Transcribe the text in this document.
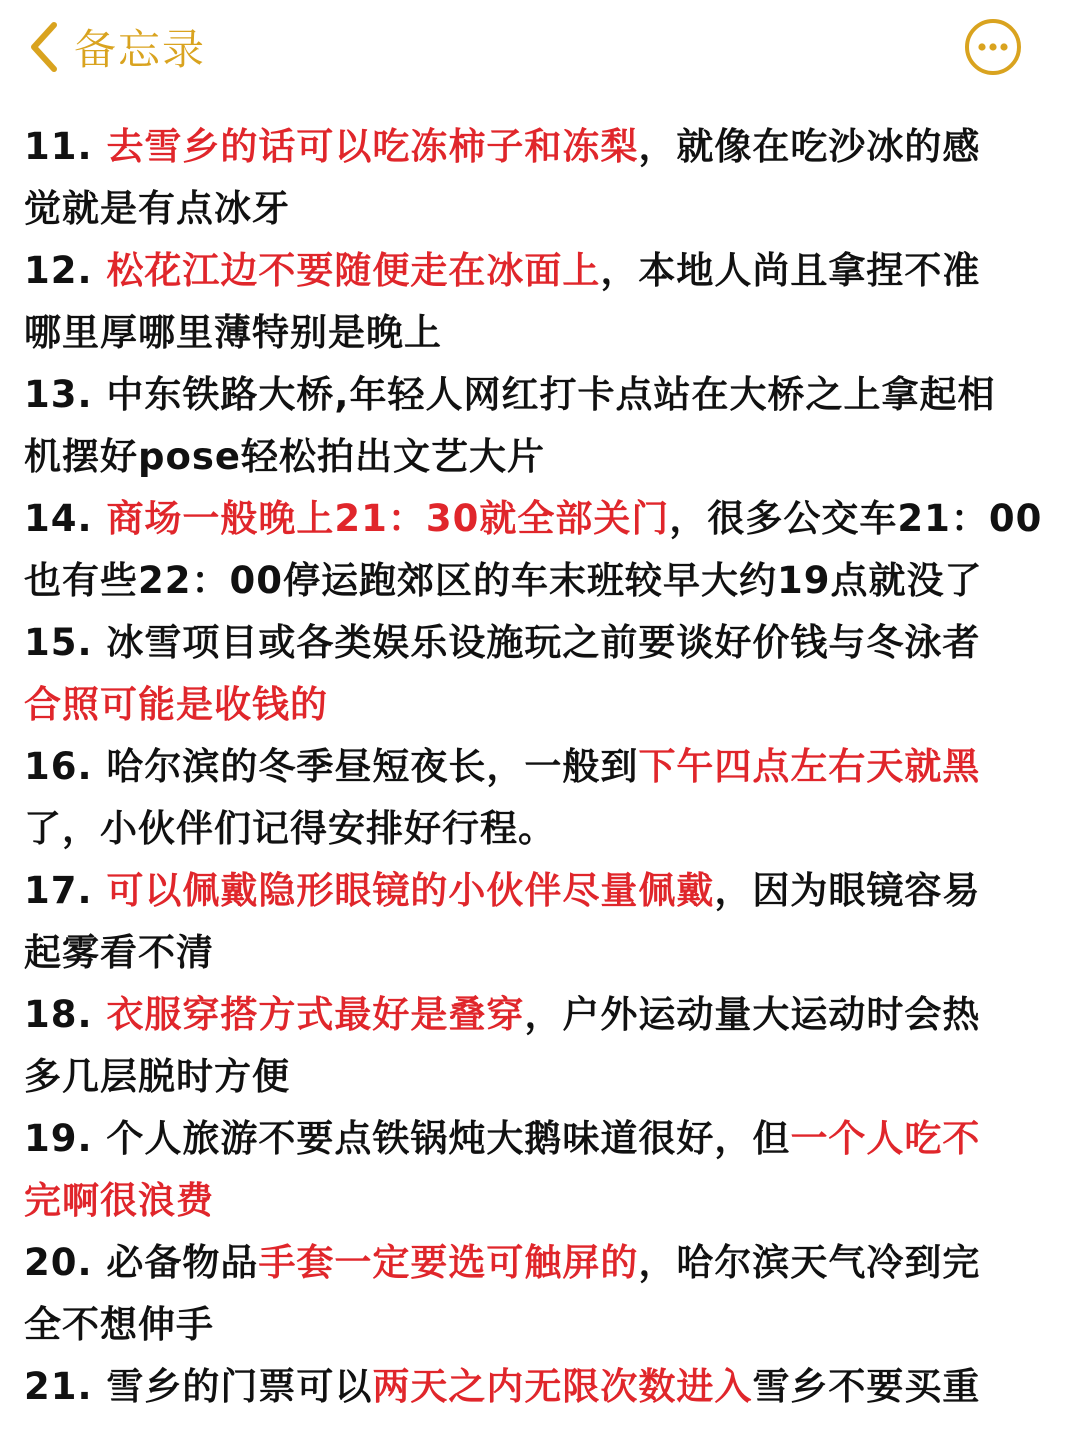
备忘录
11. 去雪乡的话可以吃冻柿子和冻梨，就像在吃沙冰的感
觉就是有点冰牙
12. 松花江边不要随便走在冰面上，本地人尚且拿捏不准
哪里厚哪里薄特别是晚上
13. 中东铁路大桥,年轻人网红打卡点站在大桥之上拿起相
机摆好pose轻松拍出文艺大片
14. 商场一般晚上21：30就全部关门，很多公交车21：00
也有些22：00停运跑郊区的车末班较早大约19点就没了
15. 冰雪项目或各类娱乐设施玩之前要谈好价钱与冬泳者
合照可能是收钱的
16. 哈尔滨的冬季昼短夜长，一般到下午四点左右天就黑
了，小伙伴们记得安排好行程。
17. 可以佩戴隐形眼镜的小伙伴尽量佩戴，因为眼镜容易
起雾看不清
18. 衣服穿搭方式最好是叠穿，户外运动量大运动时会热
多几层脱时方便
19. 个人旅游不要点铁锅炖大鹅味道很好，但一个人吃不
完啊很浪费
20. 必备物品手套一定要选可触屏的，哈尔滨天气冷到完
全不想伸手
21. 雪乡的门票可以两天之内无限次数进入雪乡不要买重
